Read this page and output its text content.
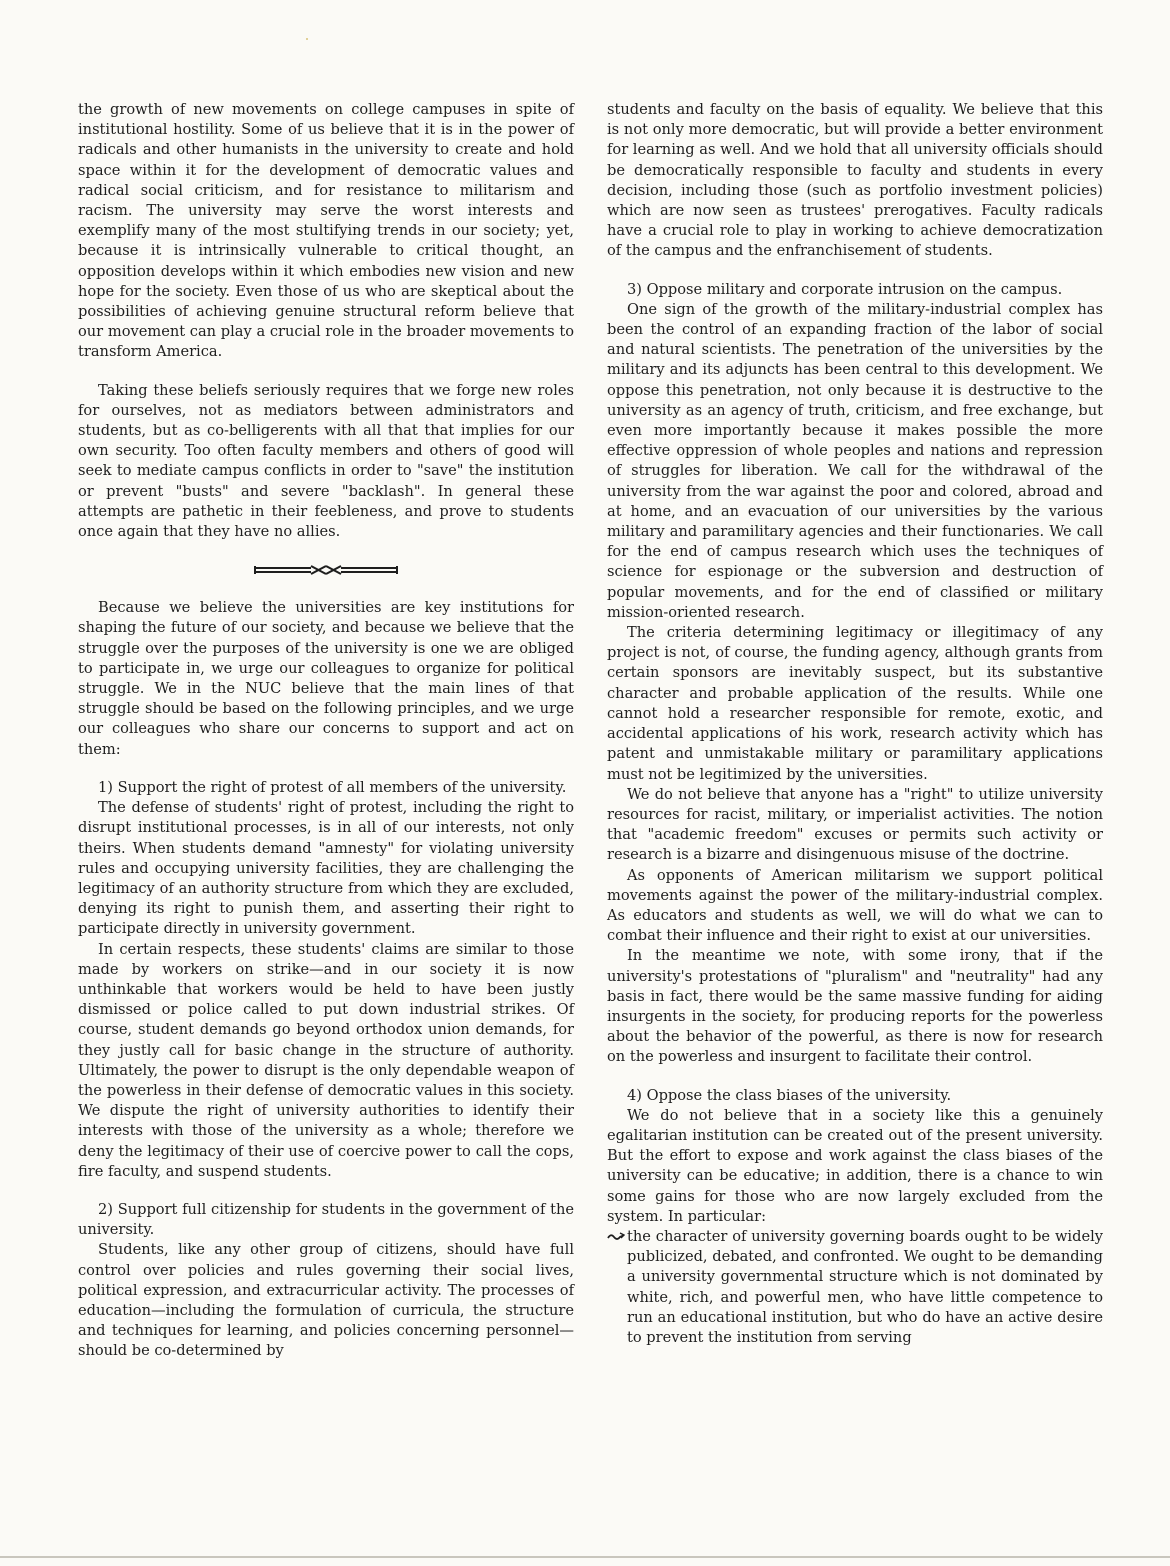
the growth of new movements on college campuses in spite of institutional hostility. Some of us believe that it is in the power of radicals and other humanists in the university to create and hold space within it for the development of democratic values and radical social criticism, and for resistance to militarism and racism. The university may serve the worst interests and exemplify many of the most stultifying trends in our society; yet, because it is intrinsically vulnerable to critical thought, an opposition develops within it which embodies new vision and new hope for the society. Even those of us who are skeptical about the possibilities of achieving genuine structural reform believe that our movement can play a crucial role in the broader movements to transform America.

Taking these beliefs seriously requires that we forge new roles for ourselves, not as mediators between administrators and students, but as co-belligerents with all that that implies for our own security. Too often faculty members and others of good will seek to mediate campus conflicts in order to "save" the institution or prevent "busts" and severe "backlash". In general these attempts are pathetic in their feebleness, and prove to students once again that they have no allies.

Because we believe the universities are key institutions for shaping the future of our society, and because we believe that the struggle over the purposes of the university is one we are obliged to participate in, we urge our colleagues to organize for political struggle. We in the NUC believe that the main lines of that struggle should be based on the following principles, and we urge our colleagues who share our concerns to support and act on them:

1) Support the right of protest of all members of the university.

The defense of students' right of protest, including the right to disrupt institutional processes, is in all of our interests, not only theirs. When students demand "amnesty" for violating university rules and occupying university facilities, they are challenging the legitimacy of an authority structure from which they are excluded, denying its right to punish them, and asserting their right to participate directly in university government.

In certain respects, these students' claims are similar to those made by workers on strike—and in our society it is now unthinkable that workers would be held to have been justly dismissed or police called to put down industrial strikes. Of course, student demands go beyond orthodox union demands, for they justly call for basic change in the structure of authority. Ultimately, the power to disrupt is the only dependable weapon of the powerless in their defense of democratic values in this society. We dispute the right of university authorities to identify their interests with those of the university as a whole; therefore we deny the legitimacy of their use of coercive power to call the cops, fire faculty, and suspend students.

2) Support full citizenship for students in the government of the university.

Students, like any other group of citizens, should have full control over policies and rules governing their social lives, political expression, and extracurricular activity. The processes of education—including the formulation of curricula, the structure and techniques for learning, and policies concerning personnel—should be co-determined by

students and faculty on the basis of equality. We believe that this is not only more democratic, but will provide a better environment for learning as well. And we hold that all university officials should be democratically responsible to faculty and students in every decision, including those (such as portfolio investment policies) which are now seen as trustees' prerogatives. Faculty radicals have a crucial role to play in working to achieve democratization of the campus and the enfranchisement of students.

3) Oppose military and corporate intrusion on the campus.

One sign of the growth of the military-industrial complex has been the control of an expanding fraction of the labor of social and natural scientists. The penetration of the universities by the military and its adjuncts has been central to this development. We oppose this penetration, not only because it is destructive to the university as an agency of truth, criticism, and free exchange, but even more importantly because it makes possible the more effective oppression of whole peoples and nations and repression of struggles for liberation. We call for the withdrawal of the university from the war against the poor and colored, abroad and at home, and an evacuation of our universities by the various military and paramilitary agencies and their functionaries. We call for the end of campus research which uses the techniques of science for espionage or the subversion and destruction of popular movements, and for the end of classified or military mission-oriented research.

The criteria determining legitimacy or illegitimacy of any project is not, of course, the funding agency, although grants from certain sponsors are inevitably suspect, but its substantive character and probable application of the results. While one cannot hold a researcher responsible for remote, exotic, and accidental applications of his work, research activity which has patent and unmistakable military or paramilitary applications must not be legitimized by the universities.

We do not believe that anyone has a "right" to utilize university resources for racist, military, or imperialist activities. The notion that "academic freedom" excuses or permits such activity or research is a bizarre and disingenuous misuse of the doctrine.

As opponents of American militarism we support political movements against the power of the military-industrial complex. As educators and students as well, we will do what we can to combat their influence and their right to exist at our universities.

In the meantime we note, with some irony, that if the university's protestations of "pluralism" and "neutrality" had any basis in fact, there would be the same massive funding for aiding insurgents in the society, for producing reports for the powerless about the behavior of the powerful, as there is now for research on the powerless and insurgent to facilitate their control.

4) Oppose the class biases of the university.

We do not believe that in a society like this a genuinely egalitarian institution can be created out of the present university. But the effort to expose and work against the class biases of the university can be educative; in addition, there is a chance to win some gains for those who are now largely excluded from the system. In particular:

the character of university governing boards ought to be widely publicized, debated, and confronted. We ought to be demanding a university governmental structure which is not dominated by white, rich, and powerful men, who have little competence to run an educational institution, but who do have an active desire to prevent the institution from serving
